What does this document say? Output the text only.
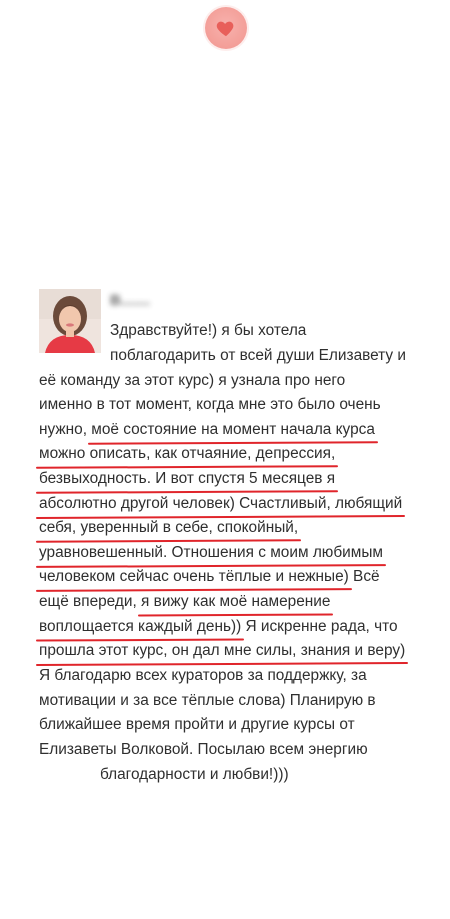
В.......
Здравствуйте!) я бы хотела
поблагодарить от всей души Елизавету и
её команду за этот курс) я узнала про него
именно в тот момент, когда мне это было очень
нужно, моё состояние на момент начала курса
можно описать, как отчаяние, депрессия,
безвыходность. И вот спустя 5 месяцев я
абсолютно другой человек) Счастливый, любящий
себя, уверенный в себе, спокойный,
уравновешенный. Отношения с моим любимым
человеком сейчас очень тёплые и нежные) Всё
ещё впереди, я вижу как моё намерение
воплощается каждый день)) Я искренне рада, что
прошла этот курс, он дал мне силы, знания и веру)
Я благодарю всех кураторов за поддержку, за
мотивации и за все тёплые слова) Планирую в
ближайшее время пройти и другие курсы от
Елизаветы Волковой. Посылаю всем энергию
благодарности и любви!)))
